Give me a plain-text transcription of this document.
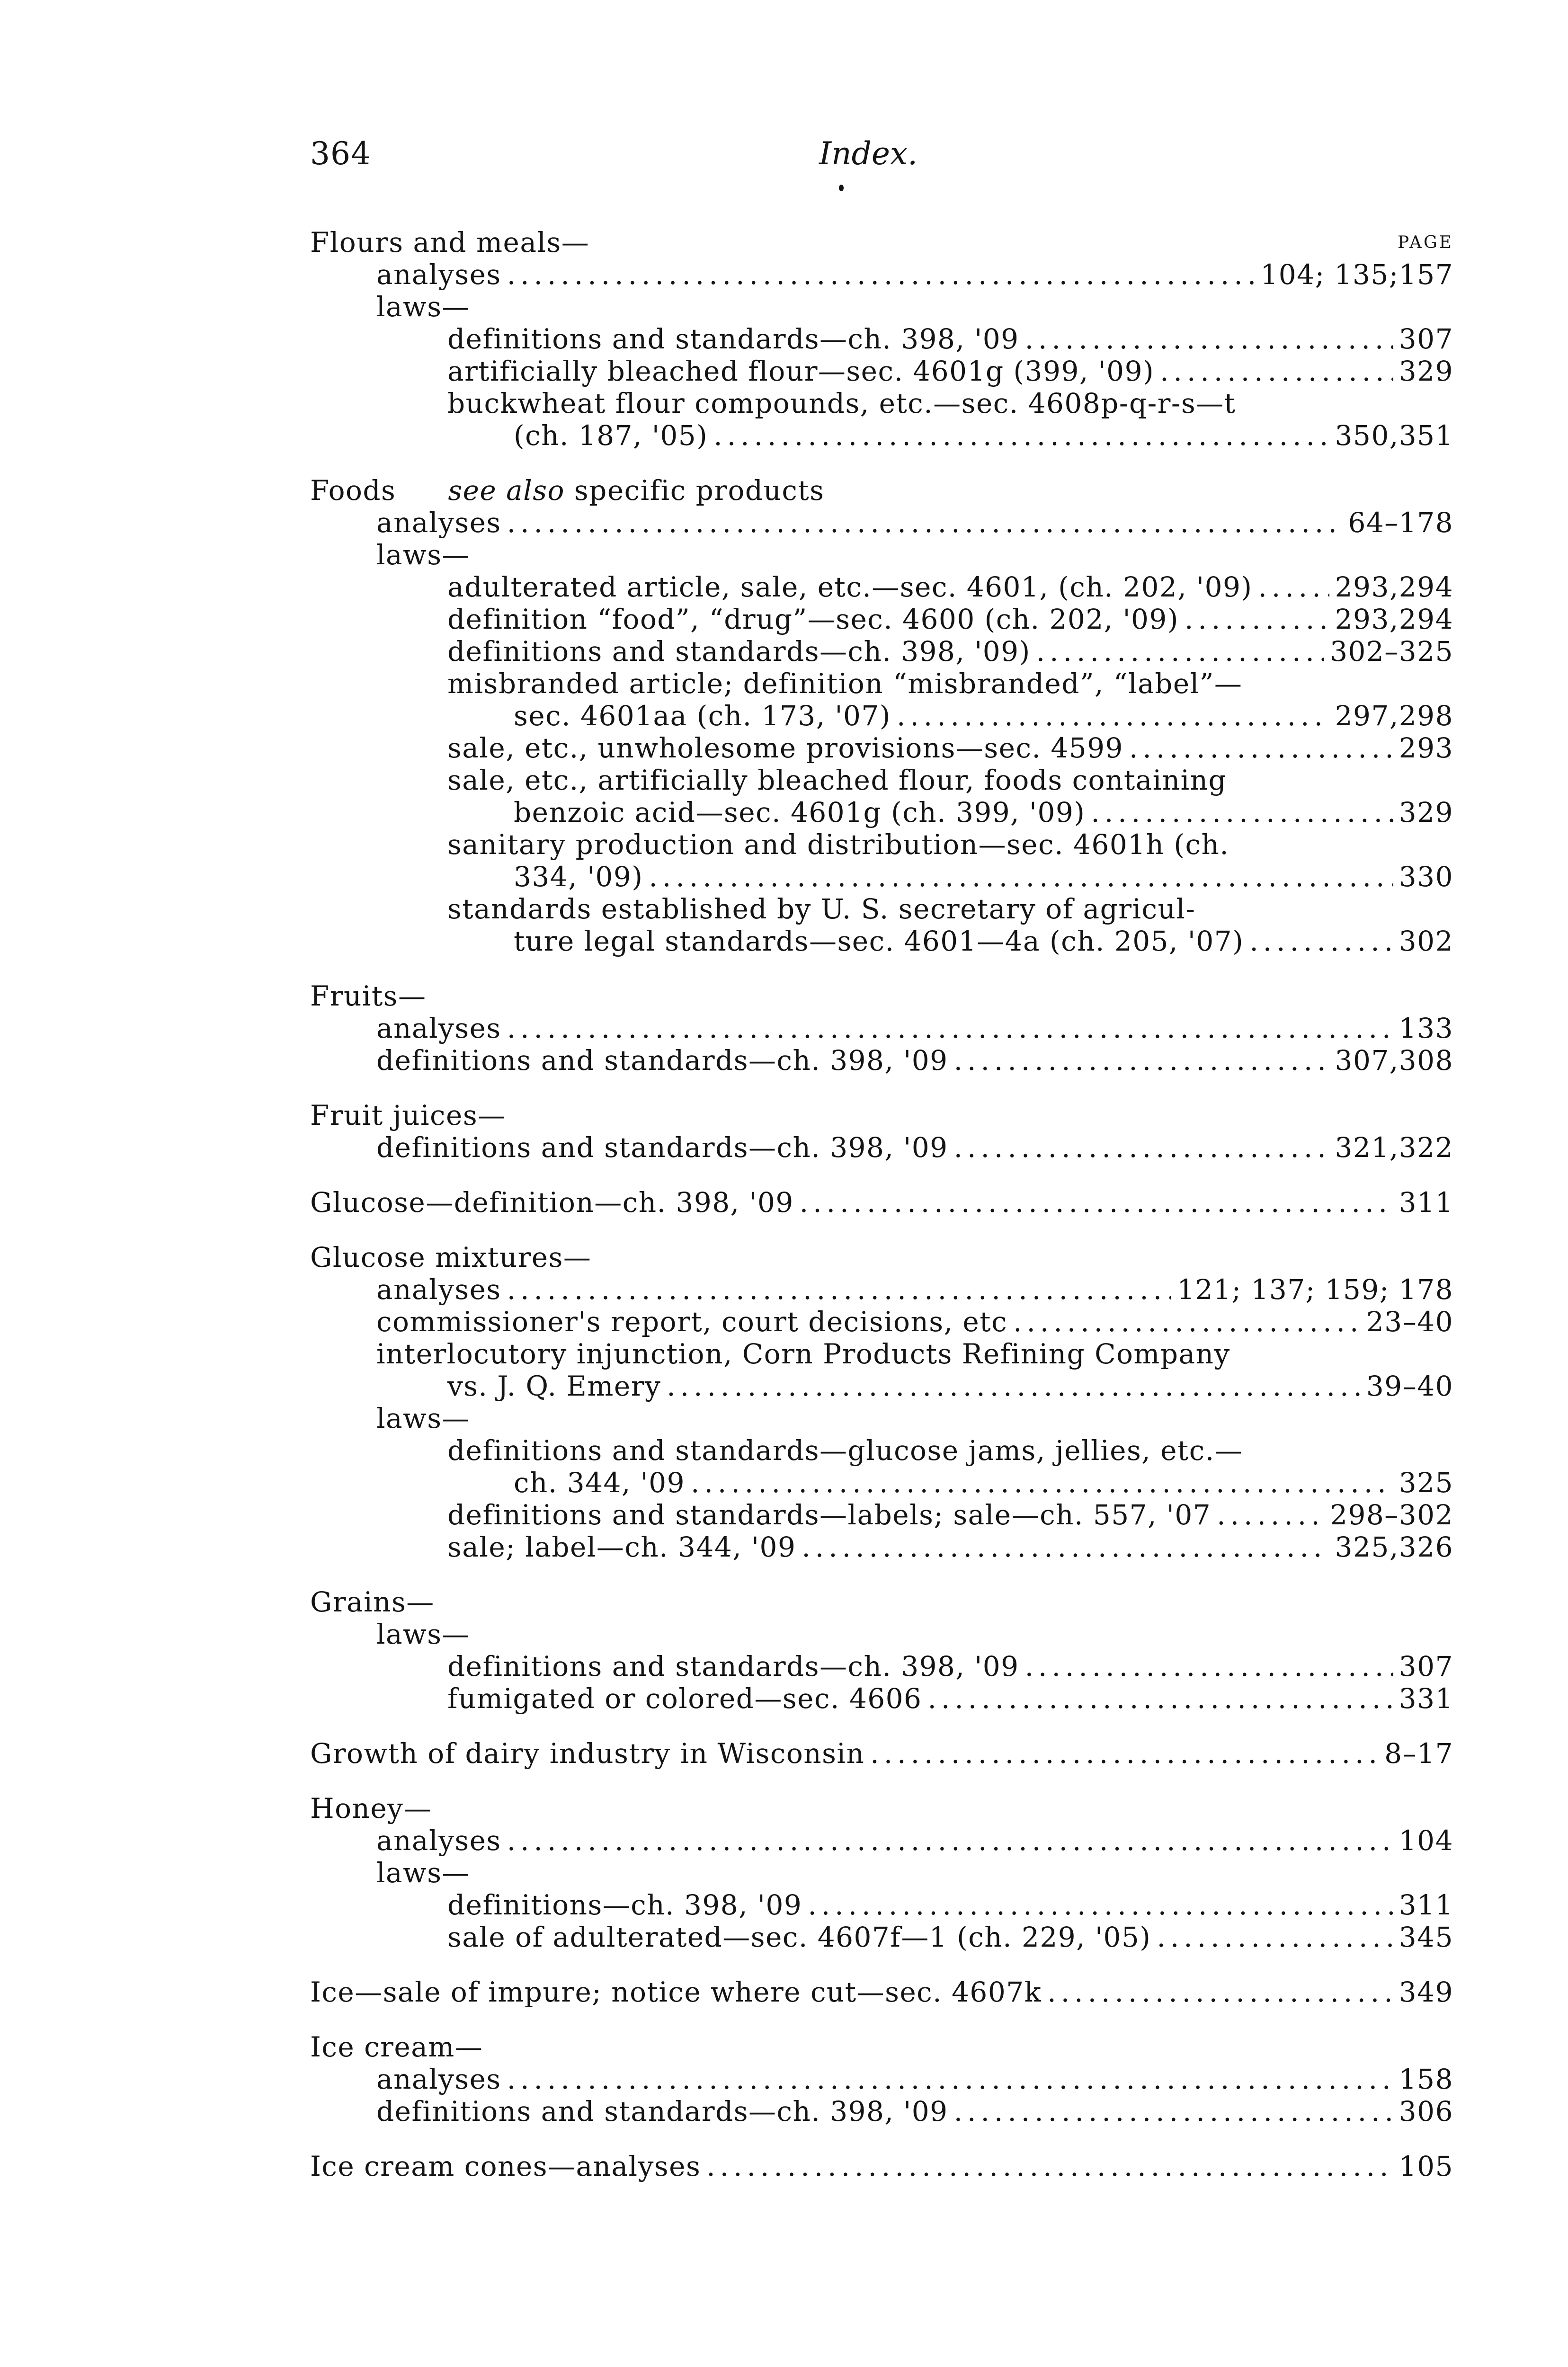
364	Index.
PAGE
Flours and meals—
analyses .....	104; 135;157
laws—
definitions and standards—ch. 398, '09 .....	307
artificially bleached flour—sec. 4601g (399, '09) .....	329
buckwheat flour compounds, etc.—sec. 4608p-q-r-s—t
(ch. 187, '05) .....	350,351
Foods see also specific products
analyses .....	64–178
laws—
adulterated article, sale, etc.—sec. 4601, (ch. 202, '09) .....	293,294
definition “food”, “drug”—sec. 4600 (ch. 202, '09) .....	293,294
definitions and standards—ch. 398, '09) .....	302–325
misbranded article; definition “misbranded”, “label”—
sec. 4601aa (ch. 173, '07) .....	297,298
sale, etc., unwholesome provisions—sec. 4599 .....	293
sale, etc., artificially bleached flour, foods containing
benzoic acid—sec. 4601g (ch. 399, '09) .....	329
sanitary production and distribution—sec. 4601h (ch.
334, '09) .....	330
standards established by U. S. secretary of agricul-
ture legal standards—sec. 4601—4a (ch. 205, '07) .....	302
Fruits—
analyses .....	133
definitions and standards—ch. 398, '09 .....	307,308
Fruit juices—
definitions and standards—ch. 398, '09 .....	321,322
Glucose—definition—ch. 398, '09 .....	311
Glucose mixtures—
analyses .....	121; 137; 159; 178
commissioner's report, court decisions, etc .....	23–40
interlocutory injunction, Corn Products Refining Company
vs. J. Q. Emery .....	39–40
laws—
definitions and standards—glucose jams, jellies, etc.—
ch. 344, '09 .....	325
definitions and standards—labels; sale—ch. 557, '07 .....	298–302
sale; label—ch. 344, '09 .....	325,326
Grains—
laws—
definitions and standards—ch. 398, '09 .....	307
fumigated or colored—sec. 4606 .....	331
Growth of dairy industry in Wisconsin .....	8–17
Honey—
analyses .....	104
laws—
definitions—ch. 398, '09 .....	311
sale of adulterated—sec. 4607f—1 (ch. 229, '05) .....	345
Ice—sale of impure; notice where cut—sec. 4607k .....	349
Ice cream—
analyses .....	158
definitions and standards—ch. 398, '09 .....	306
Ice cream cones—analyses .....	105
